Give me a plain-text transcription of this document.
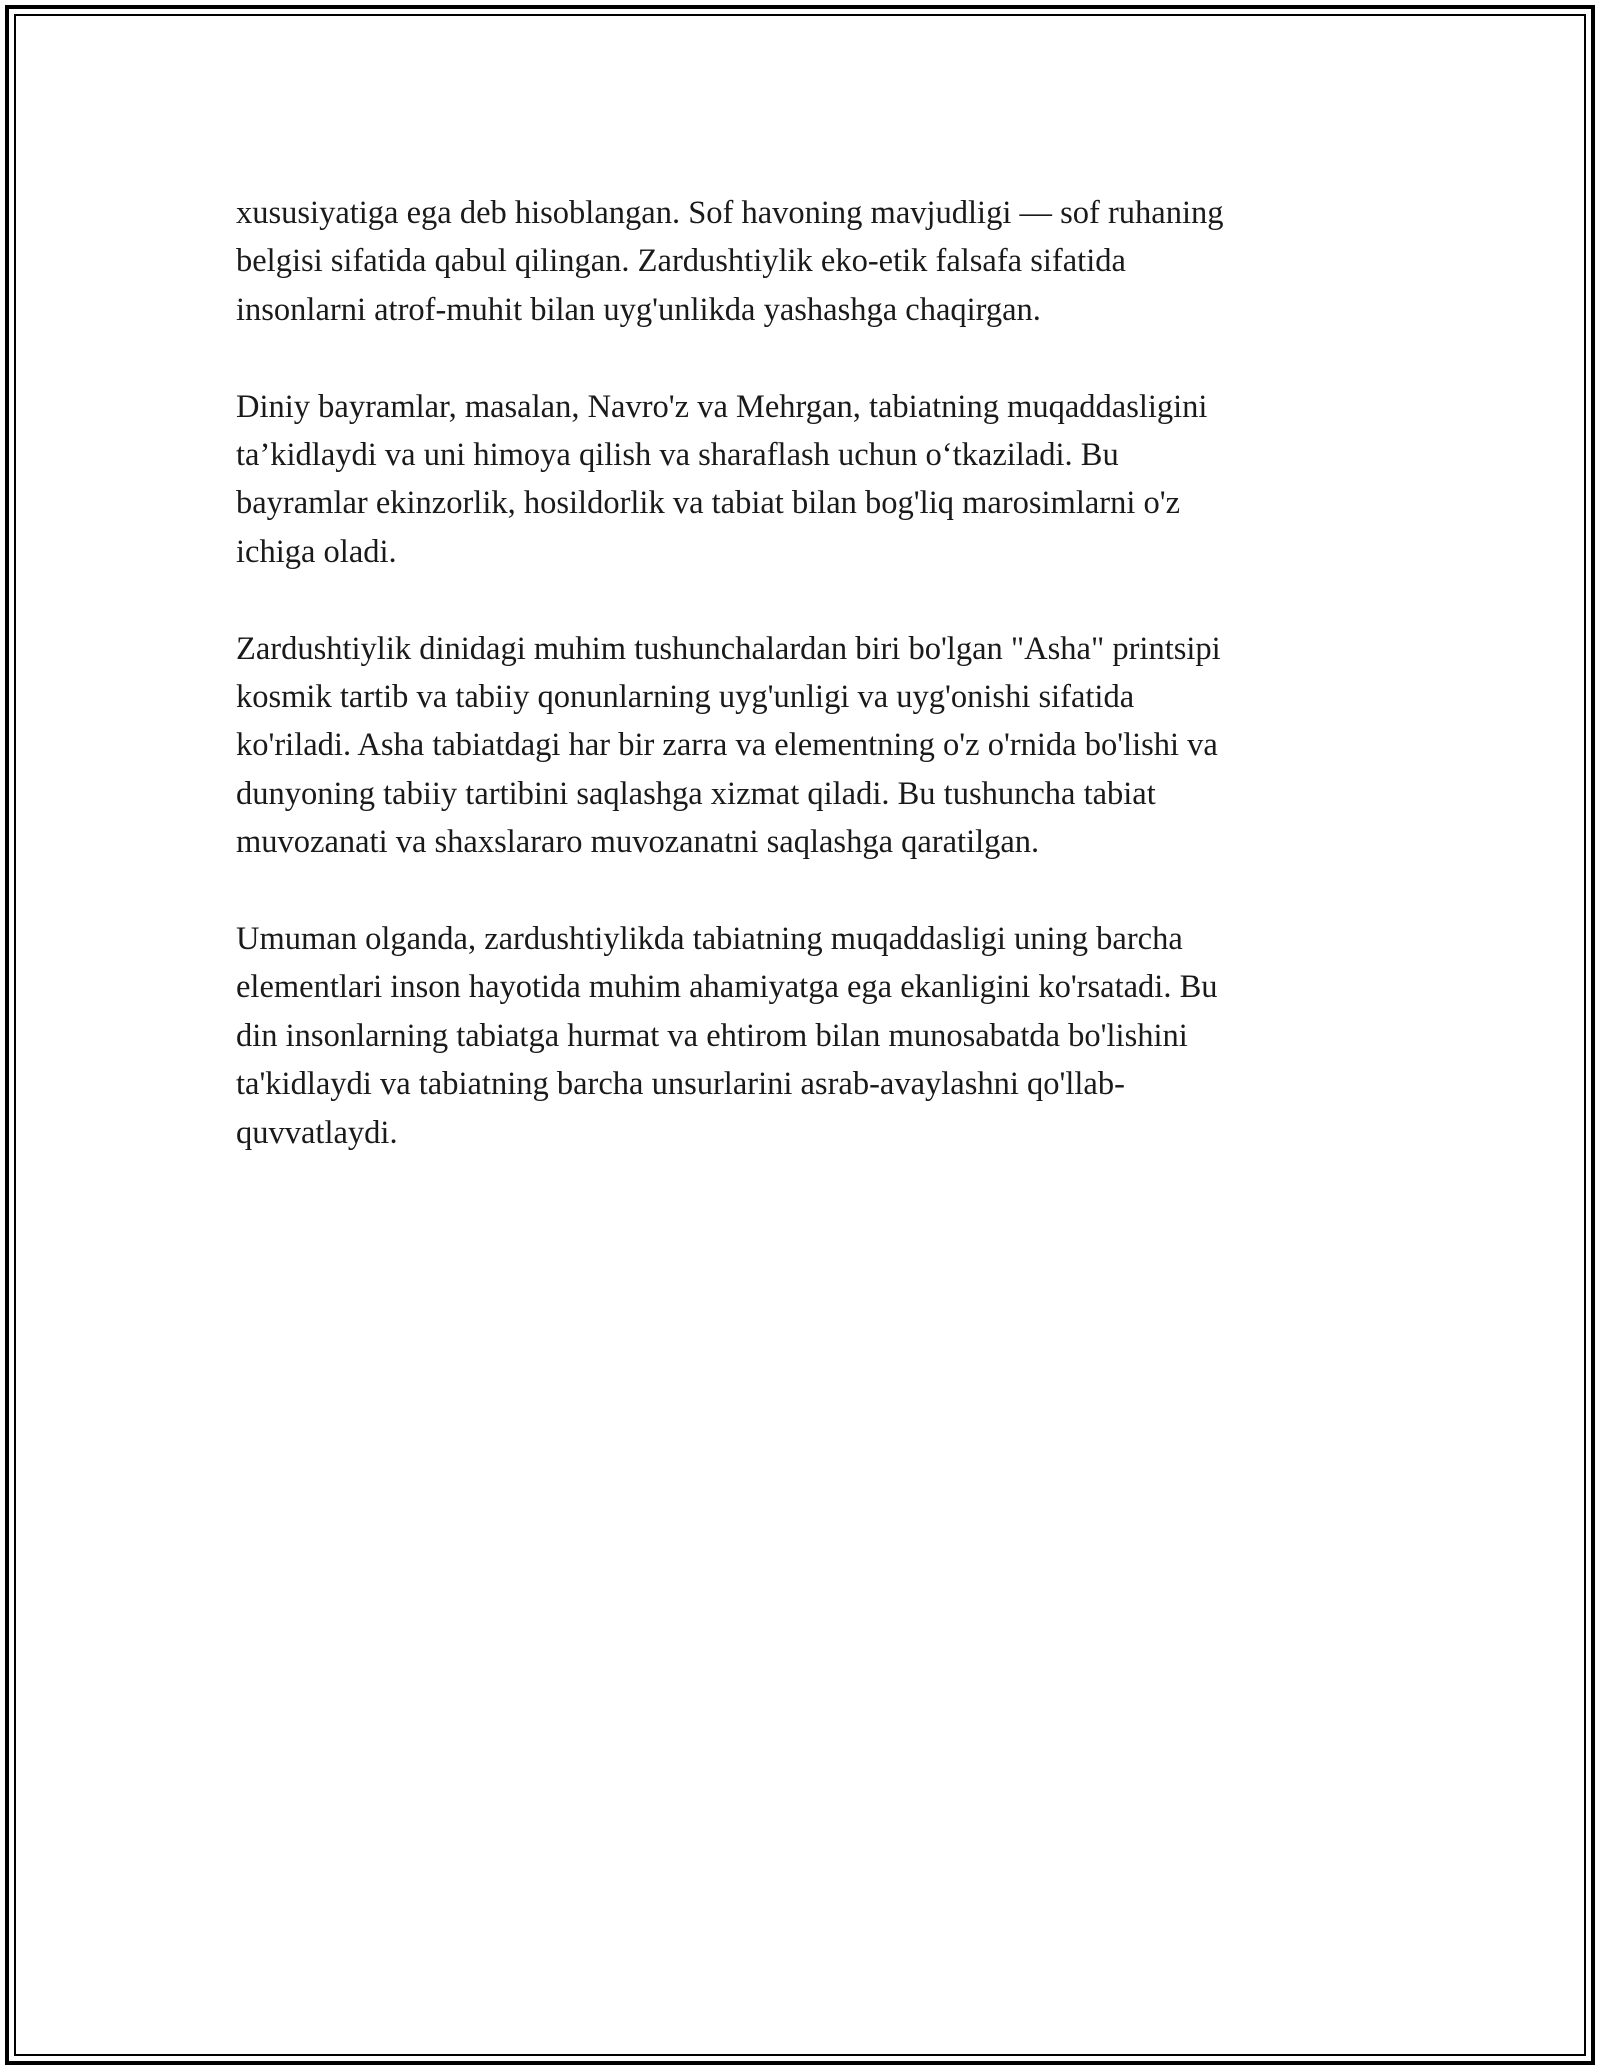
xususiyatiga ega deb hisoblangan. Sof havoning mavjudligi — sof ruhaning
belgisi sifatida qabul qilingan. Zardushtiylik eko-etik falsafa sifatida
insonlarni atrof-muhit bilan uyg'unlikda yashashga chaqirgan.
Diniy bayramlar, masalan, Navro'z va Mehrgan, tabiatning muqaddasligini
ta’kidlaydi va uni himoya qilish va sharaflash uchun o‘tkaziladi. Bu
bayramlar ekinzorlik, hosildorlik va tabiat bilan bog'liq marosimlarni o'z
ichiga oladi.
Zardushtiylik dinidagi muhim tushunchalardan biri bo'lgan "Asha" printsipi
kosmik tartib va tabiiy qonunlarning uyg'unligi va uyg'onishi sifatida
ko'riladi. Asha tabiatdagi har bir zarra va elementning o'z o'rnida bo'lishi va
dunyoning tabiiy tartibini saqlashga xizmat qiladi. Bu tushuncha tabiat
muvozanati va shaxslararo muvozanatni saqlashga qaratilgan.
Umuman olganda, zardushtiylikda tabiatning muqaddasligi uning barcha
elementlari inson hayotida muhim ahamiyatga ega ekanligini ko'rsatadi. Bu
din insonlarning tabiatga hurmat va ehtirom bilan munosabatda bo'lishini
ta'kidlaydi va tabiatning barcha unsurlarini asrab-avaylashni qo'llab-
quvvatlaydi.
